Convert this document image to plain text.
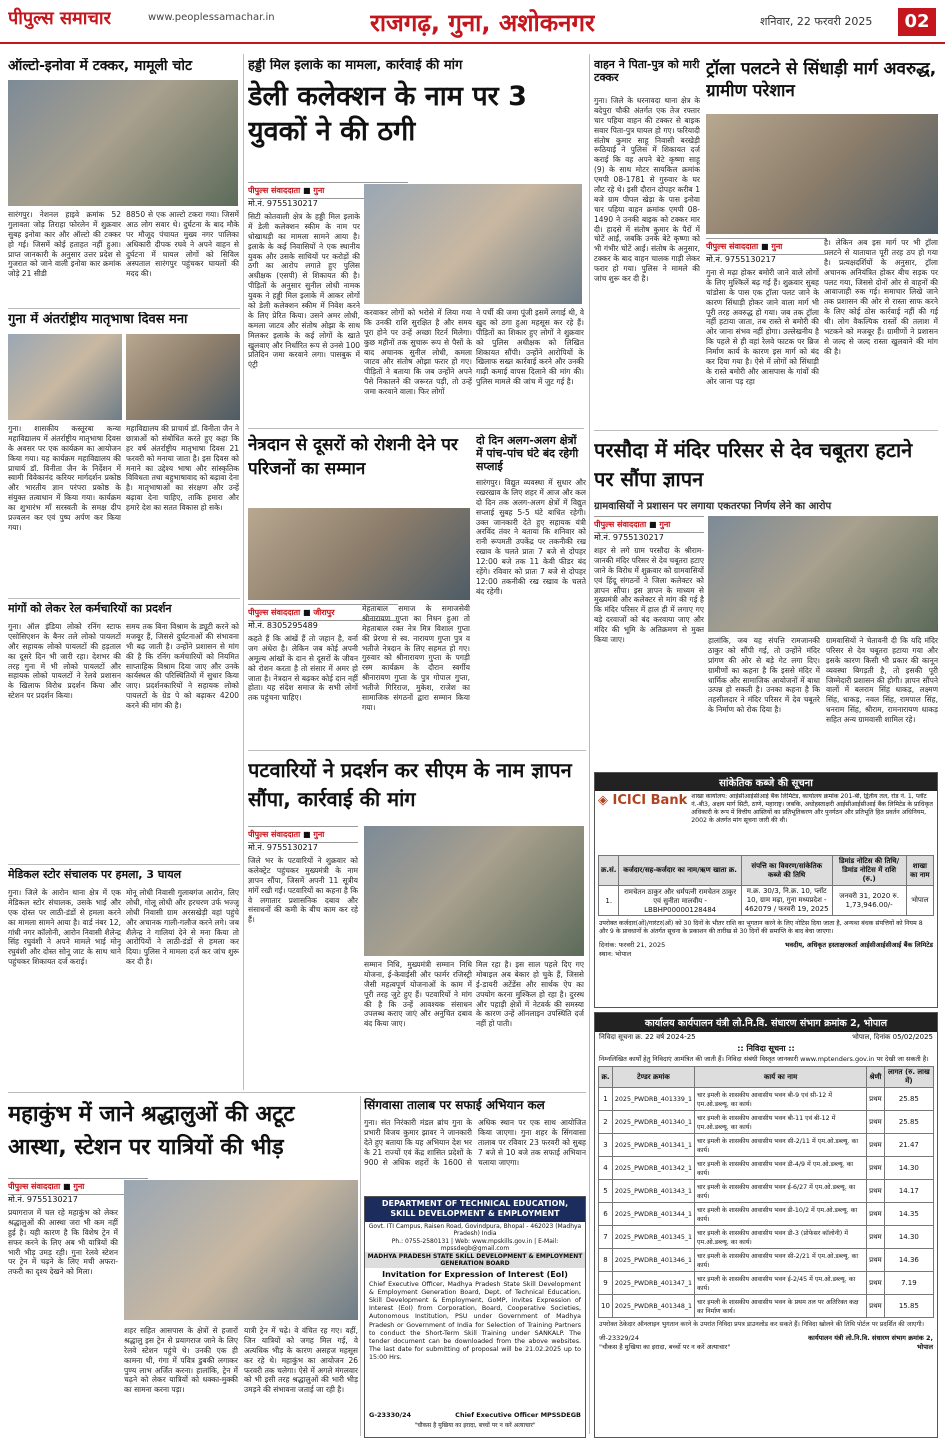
पीपुल्स समाचार	www.peoplessamachar.in	राजगढ़, गुना, अशोकनगर	शनिवार, 22 फरवरी 2025	02
ऑल्टो-इनोवा में टक्कर, मामूली चोट
सारंगपुर। नेशनल हाइवे क्रमांक 52 गुलावता जोड़ तिराहा फोरलेन में शुक्रवार सुबह इनोवा कार और ऑल्टो की टक्कर हो गई। जिसमें कोई हताहत नहीं हुआ। प्राप्त जानकारी के अनुसार उत्तर प्रदेश से गुजरात को जाने वाली इनोवा कार क्रमांक जोड़े 21 सीडी
8850 से एक आल्टो टकरा गया। जिसमें आठ लोग सवार थे। दुर्घटना के बाद मौके पर मौजूद पंचायत मुख्य नगर पालिका अधिकारी दीपक रघवे ने अपने वाहन से दुर्घटना में घायल लोगों को सिविल अस्पताल सारंगपुर पहुंचकर घायलों की मदद की।
गुना में अंतर्राष्ट्रीय मातृभाषा दिवस मना
गुना। शासकीय कस्तूरबा कन्या महाविद्यालय में अंतर्राष्ट्रीय मातृभाषा दिवस के अवसर पर एक कार्यक्रम का आयोजन किया गया। यह कार्यक्रम महाविद्यालय की प्राचार्य डॉ. विनीता जैन के निर्देशन में स्वामी विवेकानंद करियर मार्गदर्शन प्रकोष्ठ और भारतीय ज्ञान परंपरा प्रकोष्ठ के संयुक्त तत्वाधान में किया गया। कार्यक्रम का शुभारंभ माँ सरस्वती के समक्ष दीप प्रज्वलन कर एवं पुष्प अर्पण कर किया गया।
महाविद्यालय की प्राचार्य डॉ. विनीता जैन ने छात्राओं को संबोधित करते हुए कहा कि हर वर्ष अंतर्राष्ट्रीय मातृभाषा दिवस 21 फरवरी को मनाया जाता है। इस दिवस को मनाने का उद्देश्य भाषा और सांस्कृतिक विविधता तथा बहुभाषावाद को बढ़ावा देना है। मातृभाषाओं का संरक्षण और उन्हें बढ़ावा देना चाहिए, ताकि हमारा और हमारे देश का सतत विकास हो सके।
मांगों को लेकर रेल कर्मचारियों का प्रदर्शन
गुना। ऑल इंडिया लोको रनिंग स्टाफ एसोसिएशन के बैनर तले लोको पायलटों और सहायक लोको पायलटों की हड़ताल का दूसरे दिन भी जारी रहा। देशभर की तरह गुना में भी लोको पायलटों और सहायक लोको पायलटों ने रेलवे प्रशासन के खिलाफ विरोध प्रदर्शन किया और स्टेशन पर प्रदर्शन किया।
समय तक बिना विश्राम के ड्यूटी करने को मजबूर हैं, जिससे दुर्घटनाओं की संभावना भी बढ़ जाती है। उन्होंने प्रशासन से मांग की है कि रनिंग कर्मचारियों को नियमित साप्ताहिक विश्राम दिया जाए और उनके कार्यस्थल की परिस्थितियों में सुधार किया जाए। प्रदर्शनकारियों ने सहायक लोको पायलटों के ग्रेड पे को बढ़ाकर 4200 करने की मांग की है।
मेडिकल स्टोर संचालक पर हमला, 3 घायल
गुना। जिले के आरोन थाना क्षेत्र में एक मेडिकल स्टोर संचालक, उसके भाई और एक दोस्त पर लाठी-डंडों से हमला करने का मामला सामने आया है। वार्ड नंबर 12, गांधी नगर कॉलोनी, आरोन निवासी शैलेन्द्र सिंह रघुवंशी ने अपने मामले भाई मोनू रघुवंशी और दोस्त सोनू जाट के साथ थाने पहुंचकर शिकायत दर्ज कराई।
मोनू लोधी निवासी गुलाबगंज आरोन, लिए लोधी, गोलू लोधी और हरचरण उर्फ भज्जू लोधी निवासी ग्राम अरसखेड़ी वहां पहुंचे और अचानक गाली-गलौज करने लगे। जब शैलेन्द्र ने गालियां देने से मना किया तो आरोपियों ने लाठी-डंडों से हमला कर दिया। पुलिस ने मामला दर्ज कर जांच शुरू कर दी है।
हड्डी मिल इलाके का मामला, कार्रवाई की मांग
डेली कलेक्शन के नाम पर 3 युवकों ने की ठगी
पीपुल्स संवाददाता ■ गुना
मो.नं. 9755130217
सिटी कोतवाली क्षेत्र के हड्डी मिल इलाके में डेली कलेक्शन स्कीम के नाम पर धोखाधड़ी का मामला सामने आया है। इलाके के कई निवासियों ने एक स्थानीय युवक और उसके साथियों पर करोड़ों की ठगी का आरोप लगाते हुए पुलिस अधीक्षक (एसपी) से शिकायत की है। पीड़ितों के अनुसार सुनील लोधी नामक युवक ने हड्डी मिल इलाके में आकर लोगों को डेली कलेक्शन स्कीम में निवेश करने के लिए प्रेरित किया। उसने अमर लोधी, कमला जाटव और संतोष ओझा के साथ मिलकर इलाके के कई लोगों के खाते खुलवाए और निर्धारित रूप से उनसे 100 प्रतिदिन जमा करवाने लगा। पासबुक में एंट्री
करवाकर लोगों को भरोसे में लिया गया कि उनकी राशि सुरक्षित है और समय पूरा होने पर उन्हें अच्छा रिटर्न मिलेगा। कुछ महीनों तक सुचारू रूप से पैसों के बाद अचानक सुनील लोधी, कमला जाटव और संतोष ओझा फरार हो गए। पीड़ितों ने बताया कि जब उन्होंने अपने पैसे निकालने की जरूरत पड़ी, तो उन्हें जमा करवाने वाला। फिर लोगों
ने पर्ची की जमा पूंजी इसमें लगाई थी, वे खुद को ठगा हुआ महसूस कर रहे हैं। पीड़ितों का शिकार हुए लोगों ने शुक्रवार को पुलिस अधीक्षक को लिखित शिकायत सौंपी। उन्होंने आरोपियों के खिलाफ सख्त कार्रवाई करने और उनकी गाढ़ी कमाई वापस दिलाने की मांग की। पुलिस मामले की जांच में जुट गई है।
नेत्रदान से दूसरों को रोशनी देने पर परिजनों का सम्मान
पीपुल्स संवाददाता ■ जीरापुर
मो.नं. 8305295489
कहते हैं कि आंखें हैं तो जहान है, वर्ना जग अंधेरा है। लेकिन जब कोई अपनी अमूल्य आंखों के दान से दूसरों के जीवन को रोशन करता है तो संसार में अमर हो जाता है। नेत्रदान से बढ़कर कोई दान नहीं होता। यह संदेश समाज के सभी लोगों तक पहुंचना चाहिए।
मेहताबाल समाज के समाजसेवी श्रीनारायण गुप्ता का निधन हुआ तो मेहताबाल रक्त नेत्र मित्र विशाल गुप्ता की प्रेरणा से स्व. नारायण गुप्ता पुत्र व भतीजे नेत्रदान के लिए सहमत हो गए। गुरुवार को श्रीनारायण गुप्ता के पगड़ी रस्म कार्यक्रम के दौरान स्वर्गीय श्रीनारायण गुप्ता के पुत्र गोपाल गुप्ता, भतीजे गिरिराज, मुकेश, राजेश का सामाजिक संगठनों द्वारा सम्मान किया गया।
दो दिन अलग-अलग क्षेत्रों में पांच-पांच घंटे बंद रहेगी सप्लाई
सारंगपुर। विद्युत व्यवस्था में सुधार और रखरखाव के लिए शहर में आज और कल दो दिन तक अलग-अलग क्षेत्रों में विद्युत सप्लाई सुबह 5-5 घंटे बाधित रहेगी। उक्त जानकारी देते हुए सहायक यंत्री अरविंद तंवर ने बताया कि शनिवार को रानी रूपमती उपकेंद्र पर तकनीकी रख रखाव के चलते प्रातः 7 बजे से दोपहर 12:00 बजे तक 11 केवी फीडर बंद रहेंगे। रविवार को प्रातः 7 बजे से दोपहर 12:00 तकनीकी रख रखाव के चलते बंद रहेगी।
पटवारियों ने प्रदर्शन कर सीएम के नाम ज्ञापन सौंपा, कार्रवाई की मांग
पीपुल्स संवाददाता ■ गुना
मो.नं. 9755130217
जिले भर के पटवारियों ने शुक्रवार को कलेक्ट्रेट पहुंचकर मुख्यमंत्री के नाम ज्ञापन सौंपा, जिसमें अपनी 11 सूत्रीय मांगें रखी गईं। पटवारियों का कहना है कि वे लगातार प्रशासनिक दबाव और संसाधनों की कमी के बीच काम कर रहे हैं।
सम्मान निधि, मुख्यमंत्री सम्मान निधि योजना, ई-केवाईसी और फार्मर रजिस्ट्री जैसी महत्वपूर्ण योजनाओं के काम में पूरी तरह जुटे हुए हैं। पटवारियों ने मांग की है कि उन्हें आवश्यक संसाधन उपलब्ध कराए जाएं और अनुचित दबाव बंद किया जाए।
मिल रहा है। इस साल पहले दिए गए मोबाइल अब बेकार हो चुके हैं, जिससे ई-डायरी अटेंडेंस और सार्थक ऐप का उपयोग करना मुश्किल हो रहा है। दुरस्थ और पहाड़ी क्षेत्रों में नेटवर्क की समस्या के कारण उन्हें ऑनलाइन उपस्थिति दर्ज नहीं हो पाती।
महाकुंभ में जाने श्रद्धालुओं की अटूट आस्था, स्टेशन पर यात्रियों की भीड़
पीपुल्स संवाददाता ■ गुना
मो.नं. 9755130217
प्रयागराज में चल रहे महाकुंभ को लेकर श्रद्धालुओं की आस्था जरा भी कम नहीं हुई है। यही कारण है कि विशेष ट्रेन में सफर करने के लिए अब भी यात्रियों की भारी भीड़ उमड़ रही। गुना रेलवे स्टेशन पर ट्रेन में चढ़ने के लिए मची अफरा-तफरी का दृश्य देखने को मिला।
शहर सहित आसपास के क्षेत्रों से हजारों श्रद्धालु इस ट्रेन से प्रयागराज जाने के लिए रेलवे स्टेशन पहुंचे थे। उनकी एक ही कामना थी, गंगा में पवित्र डुबकी लगाकर पुण्य लाभ अर्जित करना। हालांकि, ट्रेन में चढ़ने को लेकर यात्रियों को धक्का-मुक्की का सामना करना पड़ा।
यात्री ट्रेन में चढ़े। वे वंचित रह गए। वहीं, जिन यात्रियों को जगह मिल गई, वे अत्यधिक भीड़ के कारण असहज महसूस कर रहे थे। महाकुंभ का आयोजन 26 फरवरी तक चलेगा। ऐसे में अगले मंगलवार को भी इसी तरह श्रद्धालुओं की भारी भीड़ उमड़ने की संभावना जताई जा रही है।
सिंगवासा तालाब पर सफाई अभियान कल
गुना। संत निरंकारी मंडल ब्रांच गुना के प्रभारी विजय कुमार झावर ने जानकारी देते हुए बताया कि यह अभियान देश भर के 21 राज्यों एवं केंद्र शासित प्रदेशों के 900 से अधिक शहरों के 1600 से अधिक स्थान पर एक साथ आयोजित किया जाएगा। गुना शहर के सिंगवासा तालाब पर रविवार 23 फरवरी को सुबह 7 बजे से 10 बजे तक सफाई अभियान चलाया जाएगा।
DEPARTMENT OF TECHNICAL EDUCATION,
SKILL DEVELOPMENT & EMPLOYMENT
Govt. ITI Campus, Raisen Road, Govindpura, Bhopal - 462023 (Madhya Pradesh) India
Ph.: 0755-2580131 | Web: www.mpskills.gov.in | E-Mail: mpssdegb@gmail.com
MADHYA PRADESH STATE SKILL DEVELOPMENT & EMPLOYMENT GENERATION BOARD
Invitation for Expression of Interest (EoI)
Chief Executive Officer, Madhya Pradesh State Skill Development & Employment Generation Board, Dept. of Technical Education, Skill Development & Employment, GoMP, invites Expression of Interest (EoI) from Corporation, Board, Cooperative Societies, Autonomous Institution, PSU under Government of Madhya Pradesh or Government of India for Selection of Training Partners to conduct the Short-Term Skill Training under SANKALP. The tender document can be downloaded from the above websites. The last date for submitting of proposal will be 21.02.2025 up to 15:00 Hrs.
G-23330/24	Chief Executive Officer MPSSDEGB
"चौकस है मुखिया का इरादा, बच्चों पर न करें अत्याचार"
वाहन ने पिता-पुत्र को मारी टक्कर
गुना। जिले के धरनावदा थाना क्षेत्र के बदेपुरा चौकी अंतर्गत एक तेज रफ्तार चार पहिया वाहन की टक्कर से बाइक सवार पिता-पुत्र घायल हो गए। फरियादी संतोष कुमार साहू निवासी बरखेड़ी रूठियाई ने पुलिस में शिकायत दर्ज कराई कि वह अपने बेटे कृष्णा साहू (9) के साथ मोटर सायकिल क्रमांक एमपी 08-1781 से गुरुवार के घर लौट रहे थे। इसी दौरान दोपहर करीब 1 बजे ग्राम पीपल खेड़ा के पास इनोवा चार पहिया वाहन क्रमांक एमपी 08-1490 ने उनकी बाइक को टक्कर मार दी। हादसे में संतोष कुमार के पैरों में चोटें आईं, जबकि उनके बेटे कृष्णा को भी गंभीर चोटें आईं। संतोष के अनुसार, टक्कर के बाद वाहन चालक गाड़ी लेकर फरार हो गया। पुलिस ने मामले की जांच शुरू कर दी है।
ट्रॉला पलटने से सिंधाड़ी मार्ग अवरुद्ध, ग्रामीण परेशान
पीपुल्स संवाददाता ■ गुना
मो.नं. 9755130217
गुना से मढ़ा होकर बमोरी जाने वाले लोगों के लिए मुश्किलें बढ़ गई हैं। शुक्रवार सुबह चांडोसा के पास एक ट्रॉला पलट जाने के कारण सिंधाड़ी होकर जाने वाला मार्ग भी पूरी तरह अवरुद्ध हो गया। जब तक ट्रॉला नहीं हटाया जाता, तब रास्ते से बमोरी की ओर जाना संभव नहीं होगा। उल्लेखनीय है कि पहले से ही वहां रेलवे फाटक पर ब्रिज निर्माण कार्य के कारण इस मार्ग को बंद कर दिया गया है। ऐसे में लोगों को सिंधाड़ी के रास्ते बमोरी और आसपास के गांवों की ओर जाना पड़ रहा
है। लेकिन अब इस मार्ग पर भी ट्रॉला पलटने से यातायात पूरी तरह ठप हो गया है। प्रत्यक्षदर्शियों के अनुसार, ट्रॉला अचानक अनियंत्रित होकर बीच सड़क पर पलट गया, जिससे दोनों ओर से वाहनों की आवाजाही रुक गई। समाचार लिखे जाने तक प्रशासन की ओर से रास्ता साफ करने के लिए कोई ठोस कार्रवाई नहीं की गई थी। लोग वैकल्पिक रास्तों की तलाश में भटकने को मजबूर हैं। ग्रामीणों ने प्रशासन से जल्द से जल्द रास्ता खुलवाने की मांग की है।
परसौदा में मंदिर परिसर से देव चबूतरा हटाने पर सौंपा ज्ञापन
ग्रामवासियों ने प्रशासन पर लगाया एकतरफा निर्णय लेने का आरोप
पीपुल्स संवाददाता ■ गुना
मो.नं. 9755130217
शहर से लगे ग्राम परसौदा के श्रीराम-जानकी मंदिर परिसर से देव चबूतरा हटाए जाने के विरोध में शुक्रवार को ग्रामवासियों एवं हिंदू संगठनों ने जिला कलेक्टर को ज्ञापन सौंपा। इस ज्ञापन के माध्यम से मुख्यमंत्री और कलेक्टर से मांग की गई है कि मंदिर परिसर में हाल ही में लगाए गए बड़े दरवाजों को बंद करवाया जाए और मंदिर की भूमि के अतिक्रमण से मुक्त किया जाए।	हालांकि, जब यह संपत्ति रामजानकी ठाकुर को सौंपी गई, तो उन्होंने मंदिर प्रांगण की ओर से बड़े गेट लगा दिए। ग्रामीणों का कहना है कि इससे मंदिर में धार्मिक और सामाजिक आयोजनों में बाधा उत्पन्न हो सकती है। उनका कहना है कि तहसीलदार ने मंदिर परिसर में देव चबूतरे के निर्माण को रोक दिया है।
ग्रामवासियों ने चेतावनी दी कि यदि मंदिर परिसर से देव चबूतरा हटाया गया और इसके कारण किसी भी प्रकार की कानून व्यवस्था बिगड़ती है, तो इसकी पूरी जिम्मेदारी प्रशासन की होगी। ज्ञापन सौंपने वालों में बलराम सिंह धाकड़, लक्ष्मण सिंह, धाकड़, नवल सिंह, रामपाल सिंह, धनराम सिंह, श्रीराम, रामनारायण धाकड़ सहित अन्य ग्रामवासी शामिल रहे।
सांकेतिक कब्जे की सूचना
◈ ICICI Bank शाखा कार्यालय: आईसीआईसीआई बैंक लिमिटेड, कार्यालय क्रमांक 201-बी, द्वितीय तल, रोड नं. 1, प्लॉट नं.-बी3, अक्षय मार्ग सिटी, ठाणे, महाराष्ट्र। जबकि, अधोहस्ताक्षरी आईसीआईसीआई बैंक लिमिटेड के प्राधिकृत अधिकारी के रूप में वित्तीय आस्तियों का प्रतिभूतिकरण और पुनर्गठन और प्रतिभूति हित प्रवर्तन अधिनियम, 2002 के अंतर्गत मांग सूचना जारी की थी।
क्र.सं.	कर्जदार/सह-कर्जदार का नाम/ऋण खाता क्र.	संपत्ति का विवरण/सांकेतिक कब्जे की तिथि	डिमांड नोटिस की तिथि/डिमांड नोटिस में राशि (रु.)	शाखा का नाम
1.	रामचेतन ठाकुर और धर्मपत्नी रामचेतन ठाकुर एवं सुनीता मालवीय - LBBHP00000128484	म.क्र. 30/3, नि.क्र. 10, प्लॉट 10, ग्राम मढ़ा, गुना मध्यप्रदेश - 462079 / फरवरी 19, 2025	जनवरी 31, 2020 रु. 1,73,946.00/-	भोपाल
उपरोक्त कर्जदार(ओं)/गारंटर(ओं) को 30 दिनों के भीतर राशि का भुगतान करने के लिए नोटिस दिया जाता है, अन्यथा बंधक संपत्तियों को नियम 8 और 9 के प्रावधानों के अंतर्गत सूचना के प्रकाशन की तारीख से 30 दिनों की समाप्ति के बाद बेचा जाएगा।
दिनांक: फरवरी 21, 2025
स्थान: भोपाल
भवदीय, अधिकृत हस्ताक्षरकर्ता आईसीआईसीआई बैंक लिमिटेड
कार्यालय कार्यपालन यंत्री लो.नि.वि. संधारण संभाग क्रमांक 2, भोपाल
निविदा सूचना क्र. 22 वर्ष 2024-25	भोपाल, दिनांक 05/02/2025
:: निविदा सूचना ::
निम्नलिखित कार्यों हेतु निविदाएं आमंत्रित की जाती हैं। निविदा संबंधी विस्तृत जानकारी www.mptenders.gov.in पर देखी जा सकती है।
क्र.	टेण्डर क्रमांक	कार्य का नाम	श्रेणी	लागत (रु. लाख में)
1	2025_PWDRB_401339_1	चार इमली के शासकीय आवासीय भवन बी-9 एवं सी-12 में एम.ओ.डब्ल्यू. का कार्य।	प्रथम	25.85
2	2025_PWDRB_401340_1	चार इमली के शासकीय आवासीय भवन बी-11 एवं बी-12 में एम.ओ.डब्ल्यू. का कार्य।	प्रथम	25.85
3	2025_PWDRB_401341_1	चार इमली के शासकीय आवासीय भवन सी-2/11 में एम.ओ.डब्ल्यू. का कार्य।	प्रथम	21.47
4	2025_PWDRB_401342_1	चार इमली के शासकीय आवासीय भवन डी-4/9 में एम.ओ.डब्ल्यू. का कार्य।	प्रथम	14.30
5	2025_PWDRB_401343_1	चार इमली के शासकीय आवासीय भवन ई-6/27 में एम.ओ.डब्ल्यू. का कार्य।	प्रथम	14.17
6	2025_PWDRB_401344_1	चार इमली के शासकीय आवासीय भवन डी-10/2 में एम.ओ.डब्ल्यू. का कार्य।	प्रथम	14.35
7	2025_PWDRB_401345_1	चार इमली के शासकीय आवासीय भवन डी-3 (प्रोफेसर कॉलोनी) में एम.ओ.डब्ल्यू. का कार्य।	प्रथम	14.30
8	2025_PWDRB_401346_1	चार इमली के शासकीय आवासीय भवन सी-2/21 में एम.ओ.डब्ल्यू. का कार्य।	प्रथम	14.36
9	2025_PWDRB_401347_1	चार इमली के शासकीय आवासीय भवन ई-2/45 में एम.ओ.डब्ल्यू. का कार्य।	प्रथम	7.19
10	2025_PWDRB_401348_1	चार इमली के शासकीय आवासीय भवन के प्रथम तल पर अतिरिक्त कक्ष का निर्माण कार्य।	प्रथम	15.85
उपरोक्त ठेकेदार ऑनलाइन भुगतान करने के उपरांत निविदा प्रपत्र डाउनलोड कर सकते हैं। निविदा खोलने की तिथि पोर्टल पर प्रदर्शित की जाएगी।
जी-23329/24
"चौकस है मुखिया का इरादा, बच्चों पर न करें अत्याचार"
कार्यपालन यंत्री लो.नि.वि. संधारण संभाग क्रमांक 2, भोपाल
